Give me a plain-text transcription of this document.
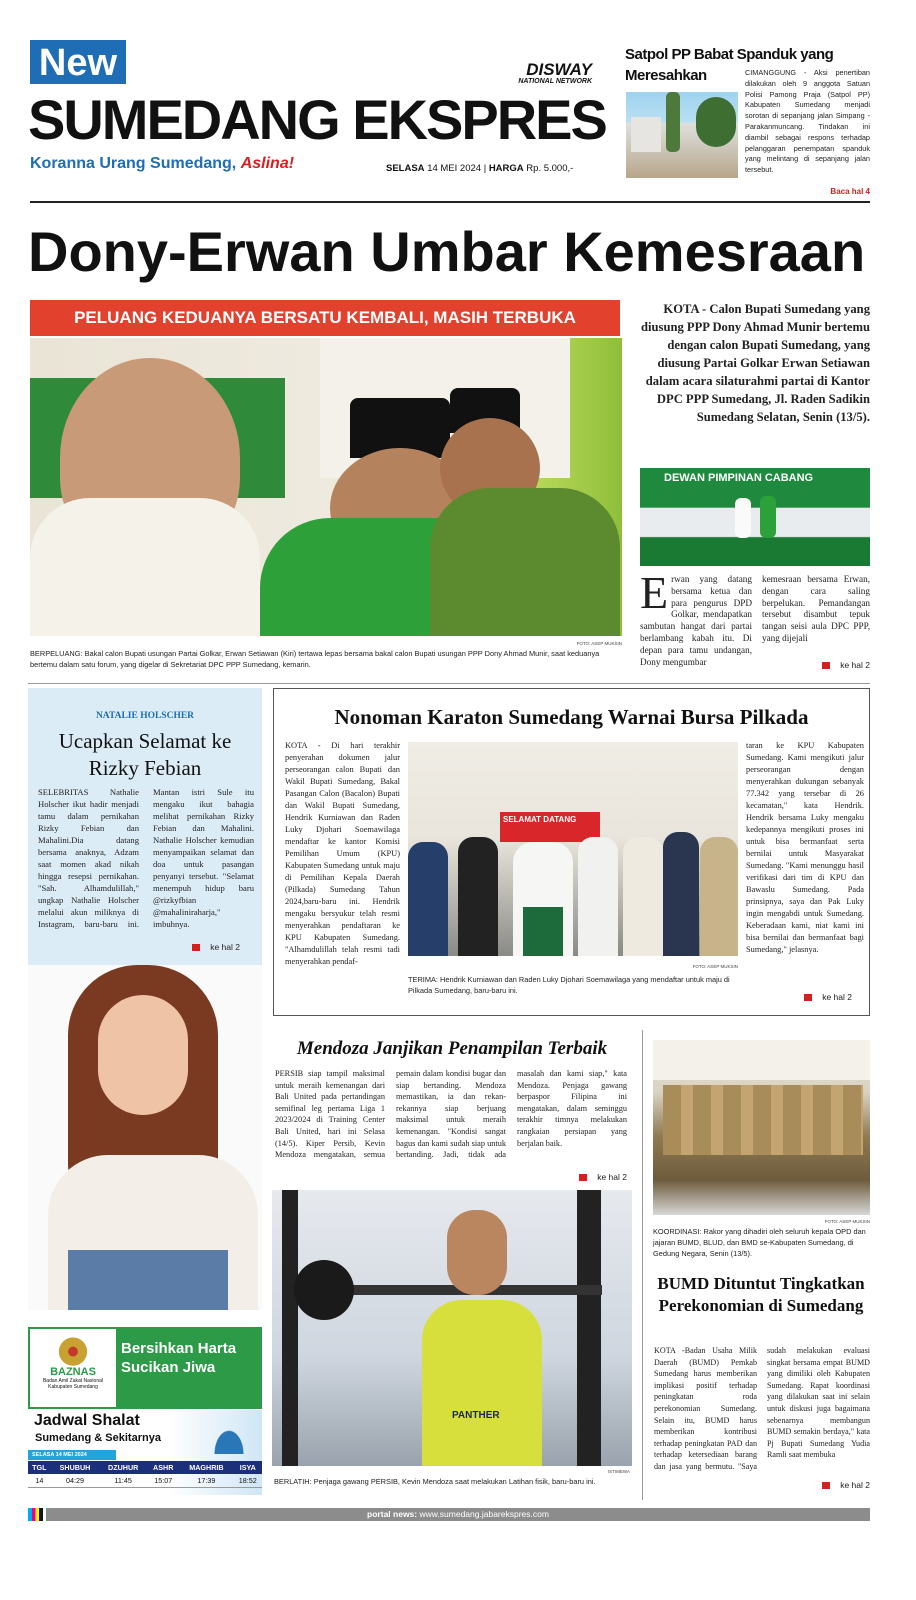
New
SUMEDANG EKSPRES
DISWAY
NATIONAL NETWORK
Koranna Urang Sumedang, Aslina!	SELASA 14 MEI 2024 | HARGA Rp. 5.000,-
Satpol PP Babat Spanduk yang Meresahkan	CIMANGGUNG - Aksi penertiban dilakukan oleh 9 anggota Satuan Polisi Pamong Praja (Satpol PP) Kabupaten Sumedang menjadi sorotan di sepanjang jalan Simpang - Parakanmuncang. Tindakan ini diambil sebagai respons terhadap pelanggaran penempatan spanduk yang melintang di sepanjang jalan tersebut.
Baca hal 4
Dony-Erwan Umbar Kemesraan
PELUANG KEDUANYA BERSATU KEMBALI, MASIH TERBUKA
FOTO: ASEP MUKSIN
BERPELUANG: Bakal calon Bupati usungan Partai Golkar, Erwan Setiawan (Kiri) tertawa lepas bersama bakal calon Bupati usungan PPP Dony Ahmad Munir, saat keduanya bertemu dalam satu forum, yang digelar di Sekretariat DPC PPP Sumedang, kemarin.
KOTA - Calon Bupati Sumedang yang diusung PPP Dony Ahmad Munir bertemu dengan calon Bupati Sumedang, yang diusung Partai Golkar Erwan Setiawan dalam acara silaturahmi partai di Kantor DPC PPP Sumedang, Jl. Raden Sadikin Sumedang Selatan, Senin (13/5).
DEWAN PIMPINAN CABANG
Erwan yang datang bersama ketua dan para pengurus DPD Golkar, mendapatkan sambutan hangat dari partai berlambang kabah itu. Di depan para tamu undangan, Dony mengumbar
kemesraan bersama Erwan, dengan cara saling berpelukan. Pemandangan tersebut disambut tepuk tangan seisi aula DPC PPP, yang dijejali
ke hal 2
NATALIE HOLSCHER
Ucapkan Selamat ke Rizky Febian
SELEBRITAS Nathalie Holscher ikut hadir menjadi tamu dalam pernikahan Rizky Febian dan Mahalini.Dia datang bersama anaknya, Adzam saat momen akad nikah hingga resepsi pernikahan. "Sah. Alhamdulillah," ungkap Nathalie Holscher melalui akun miliknya di Instagram, baru-baru ini. Mantan istri Sule itu mengaku ikut bahagia melihat pernikahan Rizky Febian dan Mahalini. Nathalie Holscher kemudian menyampaikan selamat dan doa untuk pasangan penyanyi tersebut. "Selamat menempuh hidup baru @rizkyfbian @mahaliniraharja," imbuhnya.
ke hal 2
BAZNAS
Badan Amil Zakat Nasional Kabupaten Sumedang
Bersihkan Harta
Sucikan Jiwa
Jadwal Shalat
Sumedang & Sekitarnya
SELASA 14 MEI 2024
TGL	SHUBUH	DZUHUR	ASHR	MAGHRIB	ISYA
14	04:29	11:45	15:07	17:39	18:52
Nonoman Karaton Sumedang Warnai Bursa Pilkada
KOTA - Di hari terakhir penyerahan dokumen jalur perseorangan calon Bupati dan Wakil Bupati Sumedang, Bakal Pasangan Calon (Bacalon) Bupati dan Wakil Bupati Sumedang, Hendrik Kurniawan dan Raden Luky Djohari Soemawilaga mendaftar ke kantor Komisi Pemilihan Umum (KPU) Kabupaten Sumedang untuk maju di Pemilihan Kepala Daerah (Pilkada) Sumedang Tahun 2024,baru-baru ini. Hendrik mengaku bersyukur telah resmi menyerahkan pendaftaran ke KPU Kabupaten Sumedang. "Alhamdulillah telah resmi tadi menyerahkan pendaf-
SELAMAT DATANG
FOTO: ASEP MUKSIN
TERIMA: Hendrik Kurniawan dan Raden Luky Djohari Soemawilaga yang mendaftar untuk maju di Pilkada Sumedang, baru-baru ini.
taran ke KPU Kabupaten Sumedang. Kami mengikuti jalur perseorangan dengan menyerahkan dukungan sebanyak 77.342 yang tersebar di 26 kecamatan," kata Hendrik. Hendrik bersama Luky mengaku kedepannya mengikuti proses ini untuk bisa bermanfaat serta bernilai untuk Masyarakat Sumedang. "Kami menunggu hasil verifikasi dari tim di KPU dan Bawaslu Sumedang. Pada prinsipnya, saya dan Pak Luky ingin mengabdi untuk Sumedang. Keberadaan kami, niat kami ini bisa bernilai dan bermanfaat bagi Sumedang," jelasnya.
ke hal 2
Mendoza Janjikan Penampilan Terbaik
PERSIB siap tampil maksimal untuk meraih kemenangan dari Bali United pada pertandingan semifinal leg pertama Liga 1 2023/2024 di Training Center Bali United, hari ini Selasa (14/5). Kiper Persib, Kevin Mendoza mengatakan, semua pemain dalam kondisi bugar dan siap bertanding. Mendoza memastikan, ia dan rekan-rekannya siap berjuang maksimal untuk meraih kemenangan. "Kondisi sangat bagus dan kami sudah siap untuk bertanding. Jadi, tidak ada masalah dan kami siap," kata Mendoza. Penjaga gawang berpaspor Filipina ini mengatakan, dalam seminggu terakhir timnya melakukan rangkaian persiapan yang berjalan baik.
ke hal 2
PANTHER
ISTIMEWA
BERLATIH: Penjaga gawang PERSIB, Kevin Mendoza saat melakukan Latihan fisik, baru-baru ini.
FOTO: ASEP MUKSIN
KOORDINASI: Rakor yang dihadiri oleh seluruh kepala OPD dan jajaran BUMD, BLUD, dan BMD se-Kabupaten Sumedang, di Gedung Negara, Senin (13/5).
BUMD Dituntut Tingkatkan Perekonomian di Sumedang
KOTA -Badan Usaha Milik Daerah (BUMD) Pemkab Sumedang harus memberikan implikasi positif terhadap peningkatan roda perekonomian Sumedang. Selain itu, BUMD harus memberikan kontribusi terhadap peningkatan PAD dan terhadap ketersediaan barang dan jasa yang bermutu. "Saya sudah melakukan evaluasi singkat bersama empat BUMD yang dimiliki oleh Kabupaten Sumedang. Rapat koordinasi yang dilakukan saat ini selain untuk diskusi juga bagaimana sebenarnya membangun BUMD semakin berdaya," kata Pj Bupati Sumedang Yudia Ramli saat membuka
ke hal 2
portal news: www.sumedang.jabarekspres.com
